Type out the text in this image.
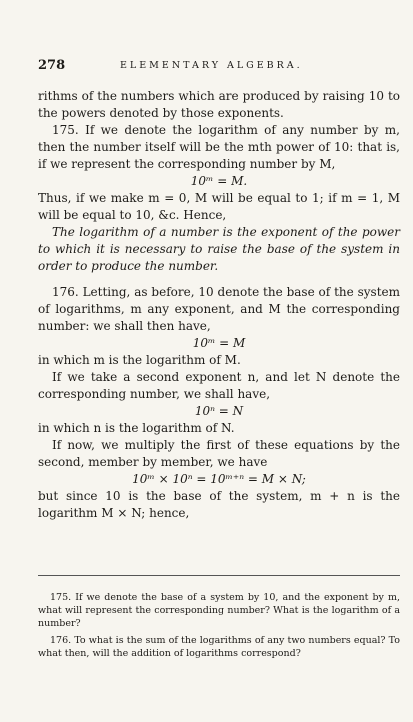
278	ELEMENTARY ALGEBRA.

rithms of the numbers which are produced by raising 10 to the powers denoted by those exponents.

175. If we denote the logarithm of any number by m, then the number itself will be the mth power of 10: that is, if we represent the corresponding number by M,

10ᵐ = M.

Thus, if we make m = 0, M will be equal to 1; if m = 1, M will be equal to 10, &c. Hence,

The logarithm of a number is the exponent of the power to which it is necessary to raise the base of the system in order to produce the number.

176. Letting, as before, 10 denote the base of the system of logarithms, m any exponent, and M the corresponding number: we shall then have,

10ᵐ = M

in which m is the logarithm of M.

If we take a second exponent n, and let N denote the corresponding number, we shall have,

10ⁿ = N

in which n is the logarithm of N.

If now, we multiply the first of these equations by the second, member by member, we have

10ᵐ × 10ⁿ = 10ᵐ⁺ⁿ = M × N;

but since 10 is the base of the system, m + n is the logarithm M × N; hence,

175. If we denote the base of a system by 10, and the exponent by m, what will represent the corresponding number? What is the logarithm of a number?

176. To what is the sum of the logarithms of any two numbers equal? To what then, will the addition of logarithms correspond?
